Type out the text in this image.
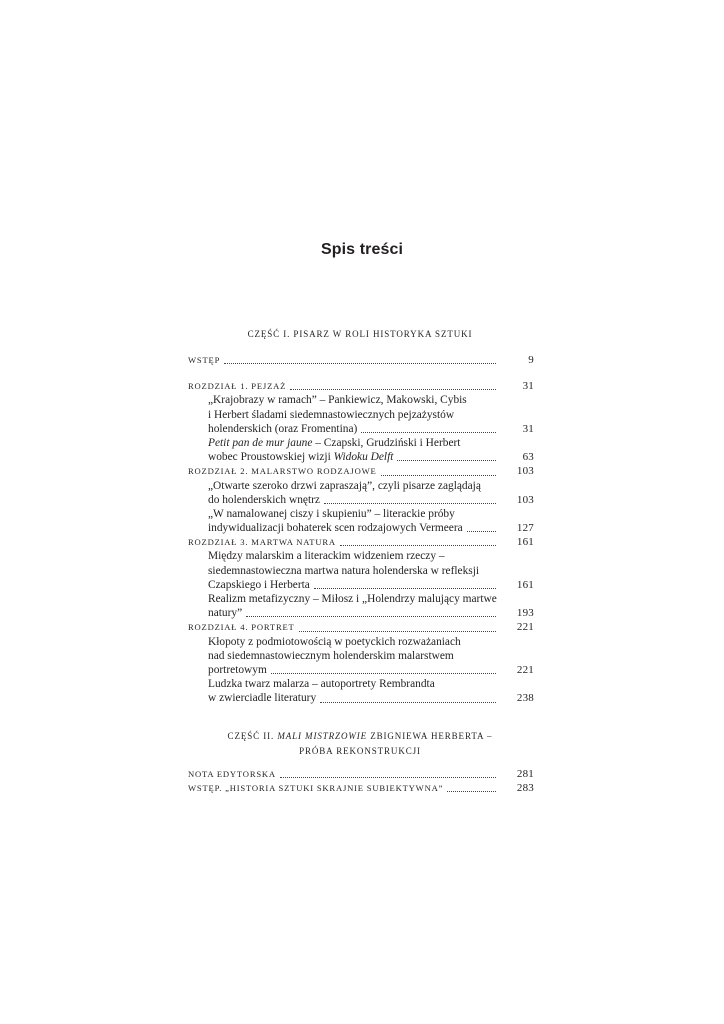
Spis treści
CZĘŚĆ I. PISARZ W ROLI HISTORYKA SZTUKI
WSTĘP	9
ROZDZIAŁ 1. PEJZAŻ	31
„Krajobrazy w ramach” – Pankiewicz, Makowski, Cybis
i Herbert śladami siedemnastowiecznych pejzażystów
holenderskich (oraz Fromentina)	31
Petit pan de mur jaune – Czapski, Grudziński i Herbert
wobec Proustowskiej wizji Widoku Delft	63
ROZDZIAŁ 2. MALARSTWO RODZAJOWE	103
„Otwarte szeroko drzwi zapraszają”, czyli pisarze zaglądają
do holenderskich wnętrz	103
„W namalowanej ciszy i skupieniu” – literackie próby
indywidualizacji bohaterek scen rodzajowych Vermeera	127
ROZDZIAŁ 3. MARTWA NATURA	161
Między malarskim a literackim widzeniem rzeczy –
siedemnastowieczna martwa natura holenderska w refleksji
Czapskiego i Herberta	161
Realizm metafizyczny – Miłosz i „Holendrzy malujący martwe
natury”	193
ROZDZIAŁ 4. PORTRET	221
Kłopoty z podmiotowością w poetyckich rozważaniach
nad siedemnastowiecznym holenderskim malarstwem
portretowym	221
Ludzka twarz malarza – autoportrety Rembrandta
w zwierciadle literatury	238
CZĘŚĆ II. MALI MISTRZOWIE ZBIGNIEWA HERBERTA –
PRÓBA REKONSTRUKCJI
NOTA EDYTORSKA	281
WSTĘP. „HISTORIA SZTUKI SKRAJNIE SUBIEKTYWNA”	283
